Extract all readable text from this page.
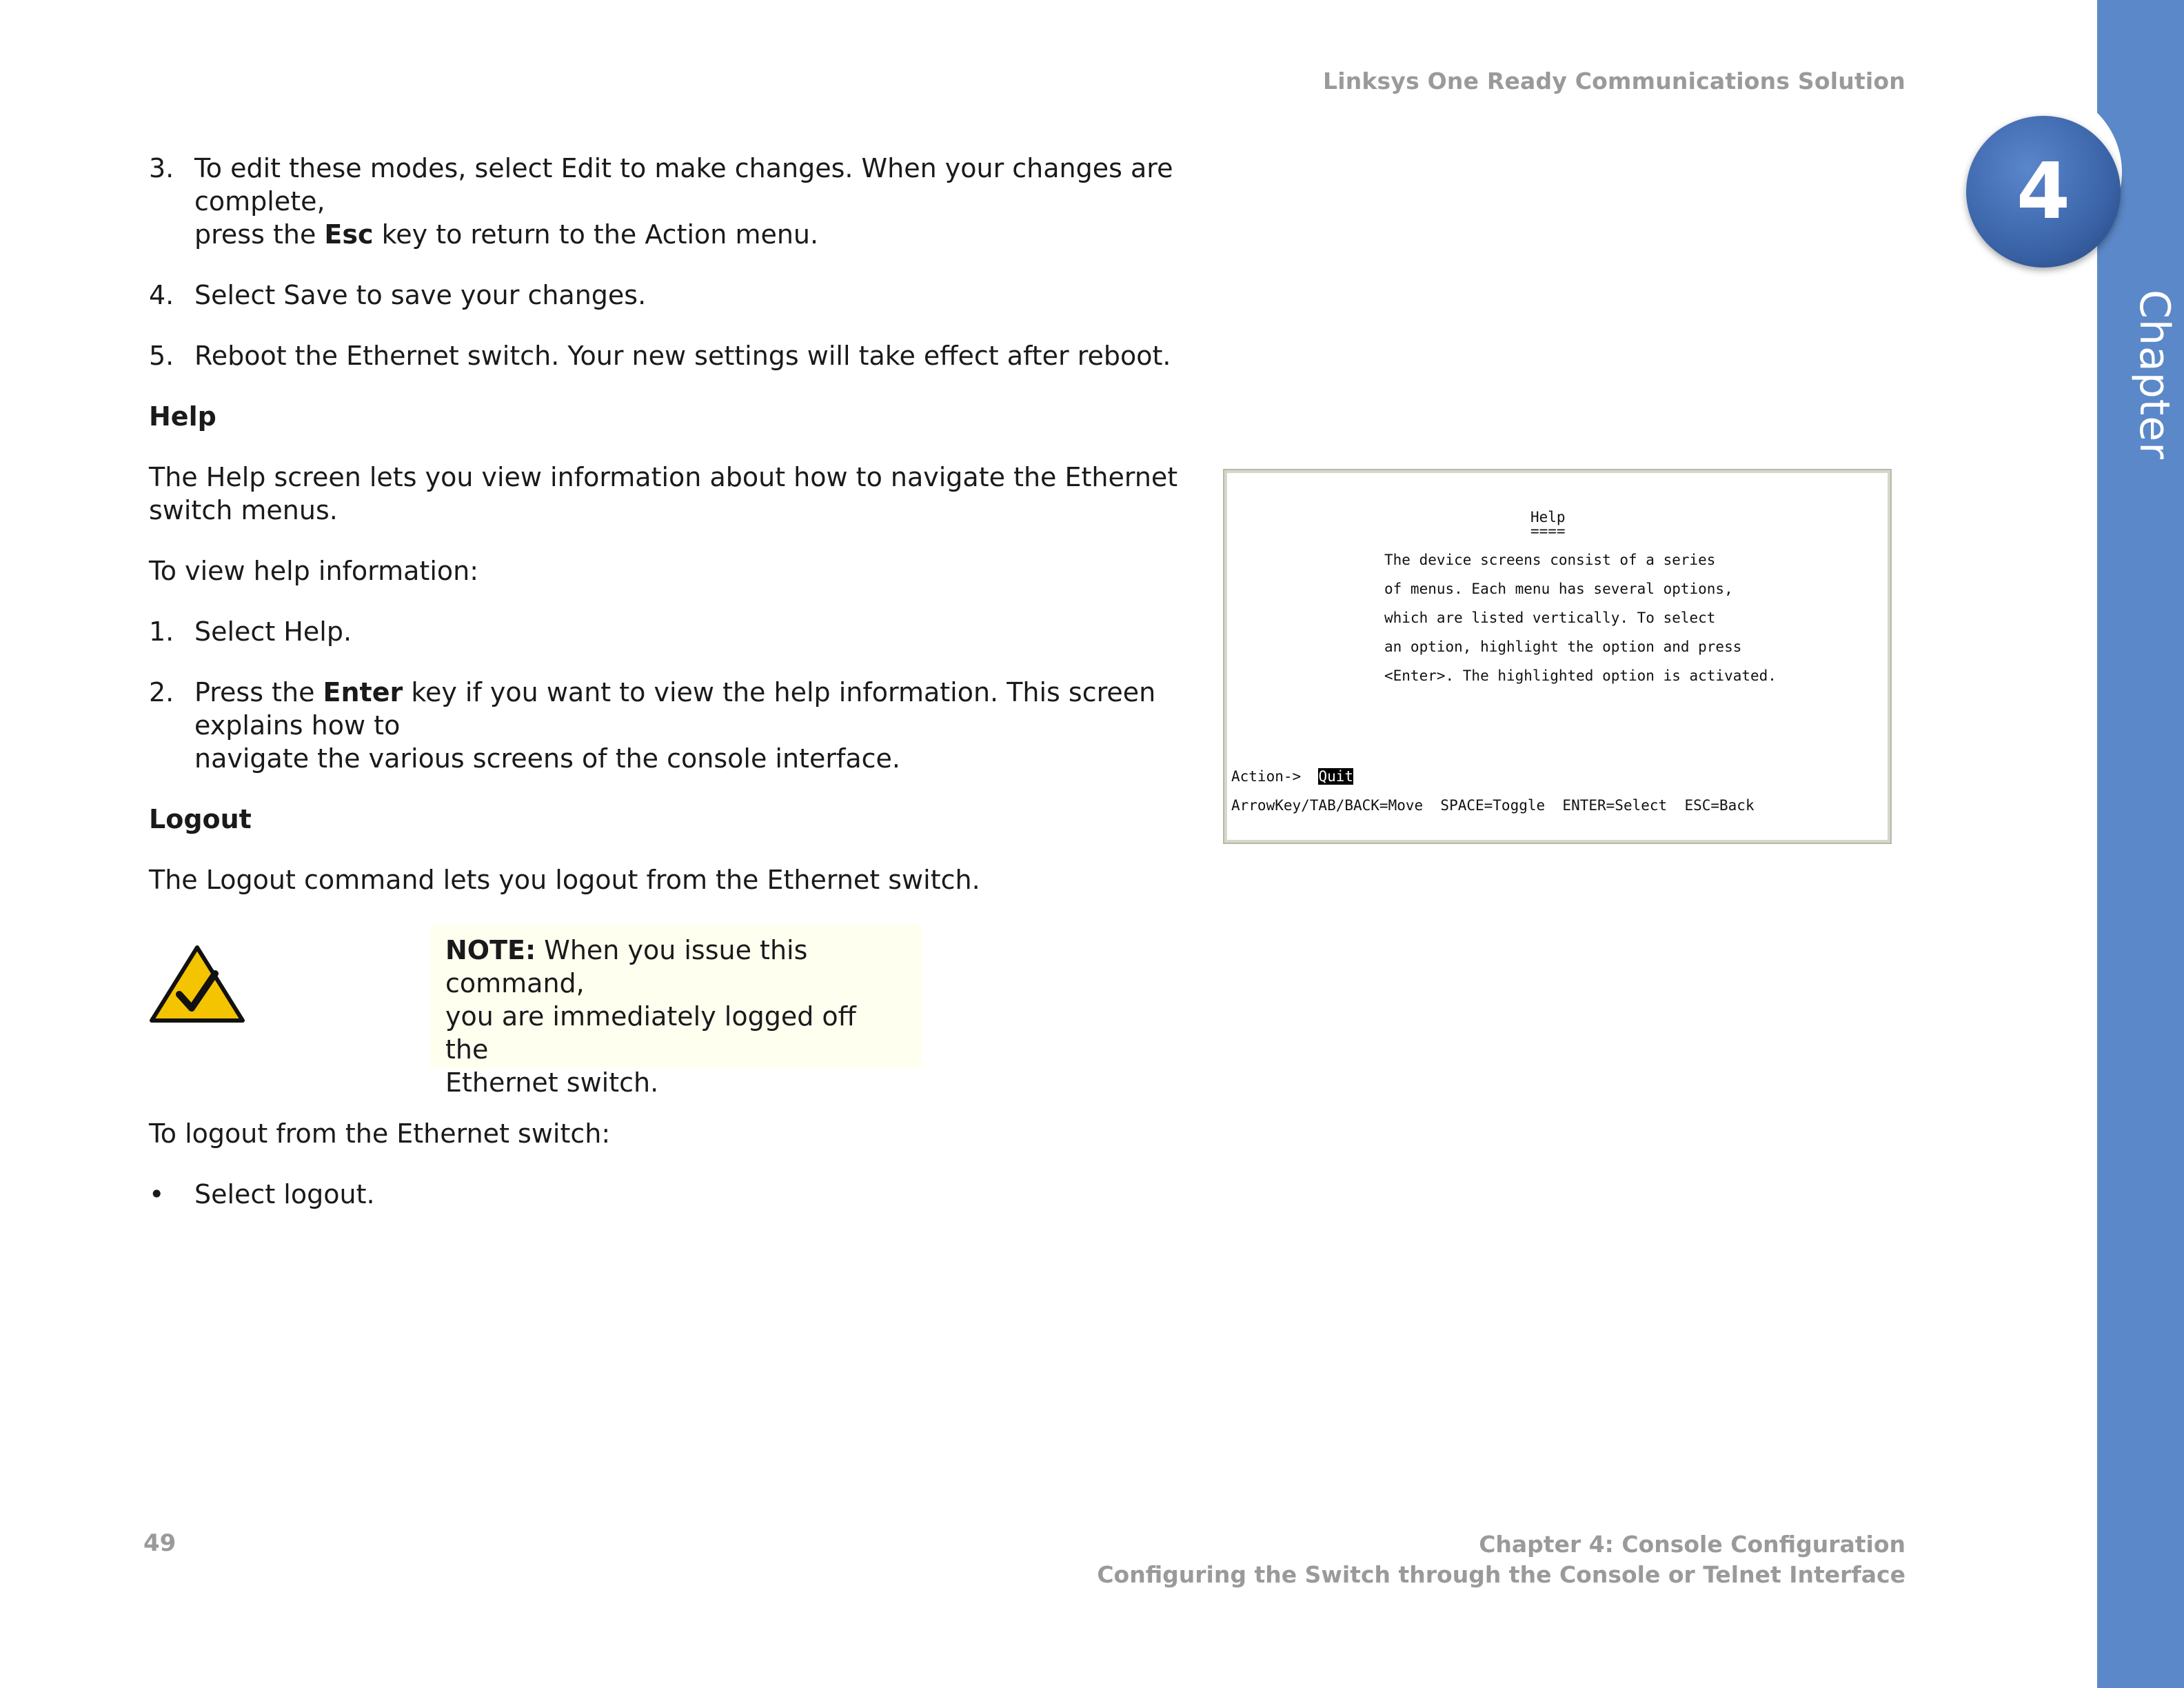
Linksys One Ready Communications Solution
Chapter
4
3. To edit these modes, select Edit to make changes. When your changes are complete,
press the Esc key to return to the Action menu.
4. Select Save to save your changes.
5. Reboot the Ethernet switch. Your new settings will take effect after reboot.
Help
The Help screen lets you view information about how to navigate the Ethernet switch menus.
To view help information:
1. Select Help.
2. Press the Enter key if you want to view the help information. This screen explains how to
navigate the various screens of the console interface.
Logout
The Logout command lets you logout from the Ethernet switch.
NOTE: When you issue this command,
you are immediately logged off the
Ethernet switch.
To logout from the Ethernet switch:
• Select logout.
Help
====
The device screens consist of a series
of menus. Each menu has several options,
which are listed vertically. To select
an option, highlight the option and press
<Enter>. The highlighted option is activated.
Action-> Quit
ArrowKey/TAB/BACK=Move  SPACE=Toggle  ENTER=Select  ESC=Back
49	Chapter 4: Console Configuration
Configuring the Switch through the Console or Telnet Interface
